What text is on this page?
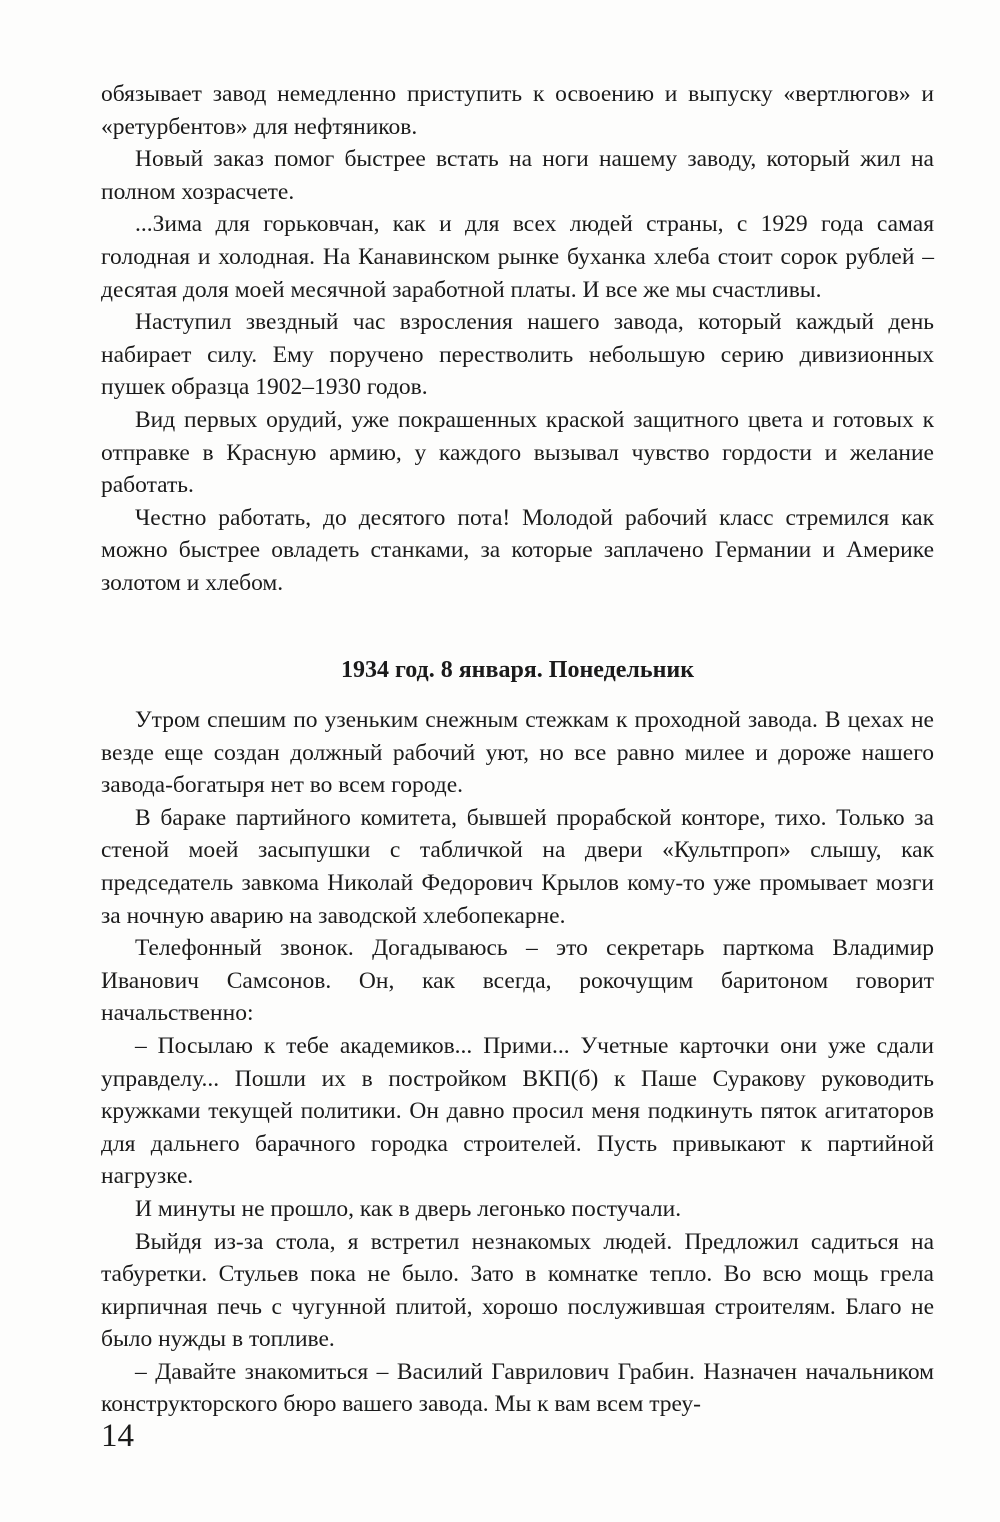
обязывает завод немедленно приступить к освоению и выпуску «вертлюгов» и «ретурбентов» для нефтяников.

Новый заказ помог быстрее встать на ноги нашему заводу, который жил на полном хозрасчете.

...Зима для горьковчан, как и для всех людей страны, с 1929 года самая голодная и холодная. На Канавинском рынке буханка хлеба стоит сорок рублей – десятая доля моей месячной заработной платы. И все же мы счастливы.

Наступил звездный час взросления нашего завода, который каждый день набирает силу. Ему поручено перестволить небольшую серию дивизионных пушек образца 1902–1930 годов.

Вид первых орудий, уже покрашенных краской защитного цвета и готовых к отправке в Красную армию, у каждого вызывал чувство гордости и желание работать.

Честно работать, до десятого пота! Молодой рабочий класс стремился как можно быстрее овладеть станками, за которые заплачено Германии и Америке золотом и хлебом.

1934 год. 8 января. Понедельник

Утром спешим по узеньким снежным стежкам к проходной завода. В цехах не везде еще создан должный рабочий уют, но все равно милее и дороже нашего завода-богатыря нет во всем городе.

В бараке партийного комитета, бывшей прорабской конторе, тихо. Только за стеной моей засыпушки с табличкой на двери «Культпроп» слышу, как председатель завкома Николай Федорович Крылов кому-то уже промывает мозги за ночную аварию на заводской хлебопекарне.

Телефонный звонок. Догадываюсь – это секретарь парткома Владимир Иванович Самсонов. Он, как всегда, рокочущим баритоном говорит начальственно:

– Посылаю к тебе академиков... Прими... Учетные карточки они уже сдали управделу... Пошли их в постройком ВКП(б) к Паше Суракову руководить кружками текущей политики. Он давно просил меня подкинуть пяток агитаторов для дальнего барачного городка строителей. Пусть привыкают к партийной нагрузке.

И минуты не прошло, как в дверь легонько постучали.

Выйдя из-за стола, я встретил незнакомых людей. Предложил садиться на табуретки. Стульев пока не было. Зато в комнатке тепло. Во всю мощь грела кирпичная печь с чугунной плитой, хорошо послужившая строителям. Благо не было нужды в топливе.

– Давайте знакомиться – Василий Гаврилович Грабин. Назначен начальником конструкторского бюро вашего завода. Мы к вам всем треу-

14
